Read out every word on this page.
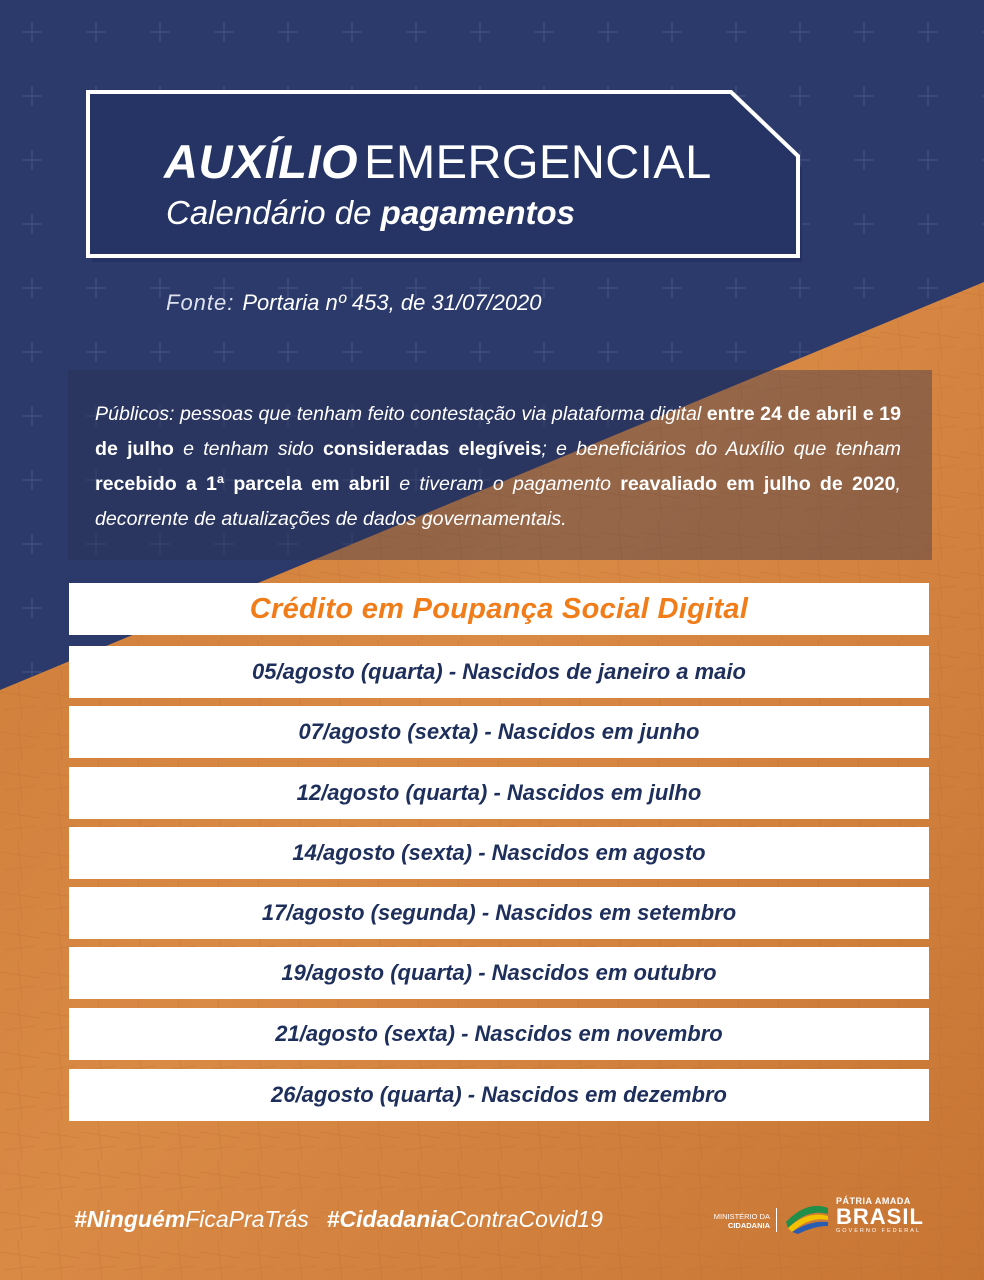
AUXÍLIO EMERGENCIAL
Calendário de pagamentos
Fonte: Portaria nº 453, de 31/07/2020
Públicos: pessoas que tenham feito contestação via plataforma digital entre 24 de abril e 19 de julho e tenham sido consideradas elegíveis; e beneficiários do Auxílio que tenham recebido a 1ª parcela em abril e tiveram o pagamento reavaliado em julho de 2020, decorrente de atualizações de dados governamentais.
Crédito em Poupança Social Digital
05/agosto (quarta) - Nascidos de janeiro a maio
07/agosto (sexta) - Nascidos em junho
12/agosto (quarta) - Nascidos em julho
14/agosto (sexta) - Nascidos em agosto
17/agosto (segunda) - Nascidos em setembro
19/agosto (quarta) - Nascidos em outubro
21/agosto (sexta) - Nascidos em novembro
26/agosto (quarta) - Nascidos em dezembro
#NinguémFicaPraTrás #CidadaniaContraCovid19	MINISTÉRIO DA
CIDADANIA
PÁTRIA AMADA
BRASIL
GOVERNO FEDERAL
